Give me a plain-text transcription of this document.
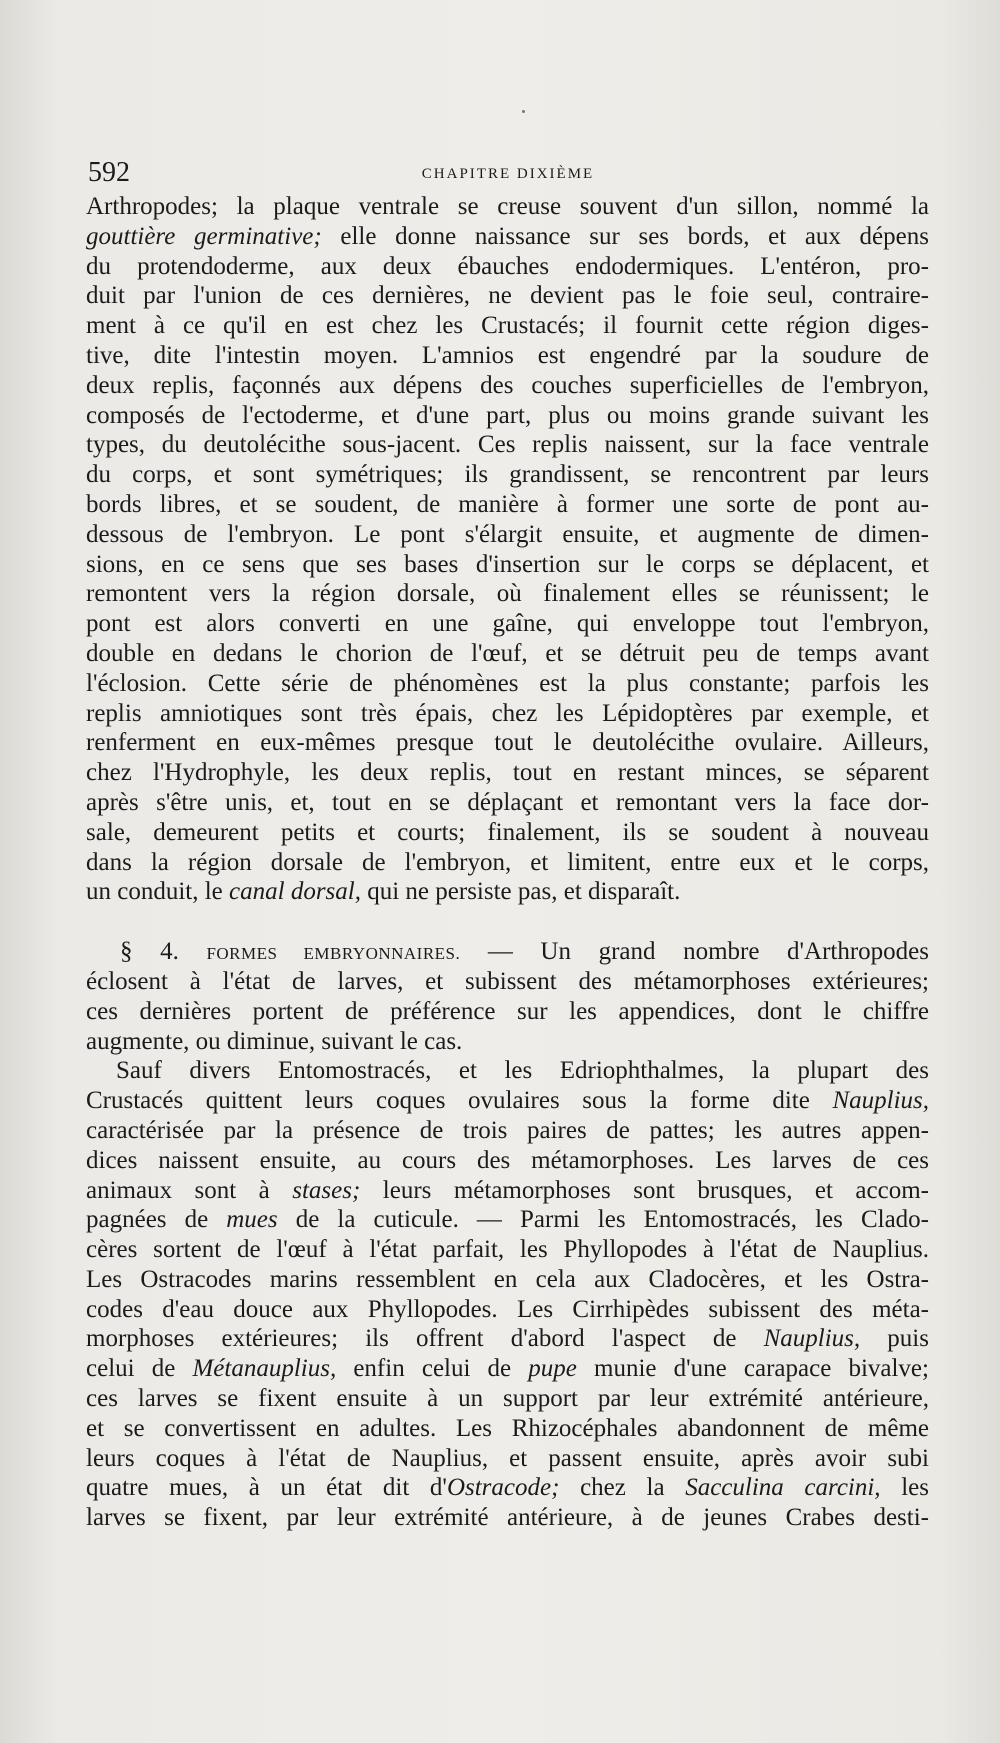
592	CHAPITRE DIXIÈME
Arthropodes; la plaque ventrale se creuse souvent d'un sillon, nommé la
gouttière germinative; elle donne naissance sur ses bords, et aux dépens
du protendoderme, aux deux ébauches endodermiques. L'entéron, pro-
duit par l'union de ces dernières, ne devient pas le foie seul, contraire-
ment à ce qu'il en est chez les Crustacés; il fournit cette région diges-
tive, dite l'intestin moyen. L'amnios est engendré par la soudure de
deux replis, façonnés aux dépens des couches superficielles de l'embryon,
composés de l'ectoderme, et d'une part, plus ou moins grande suivant les
types, du deutolécithe sous-jacent. Ces replis naissent, sur la face ventrale
du corps, et sont symétriques; ils grandissent, se rencontrent par leurs
bords libres, et se soudent, de manière à former une sorte de pont au-
dessous de l'embryon. Le pont s'élargit ensuite, et augmente de dimen-
sions, en ce sens que ses bases d'insertion sur le corps se déplacent, et
remontent vers la région dorsale, où finalement elles se réunissent; le
pont est alors converti en une gaîne, qui enveloppe tout l'embryon,
double en dedans le chorion de l'œuf, et se détruit peu de temps avant
l'éclosion. Cette série de phénomènes est la plus constante; parfois les
replis amniotiques sont très épais, chez les Lépidoptères par exemple, et
renferment en eux-mêmes presque tout le deutolécithe ovulaire. Ailleurs,
chez l'Hydrophyle, les deux replis, tout en restant minces, se séparent
après s'être unis, et, tout en se déplaçant et remontant vers la face dor-
sale, demeurent petits et courts; finalement, ils se soudent à nouveau
dans la région dorsale de l'embryon, et limitent, entre eux et le corps,
un conduit, le canal dorsal, qui ne persiste pas, et disparaît.
§ 4. FORMES EMBRYONNAIRES. — Un grand nombre d'Arthropodes
éclosent à l'état de larves, et subissent des métamorphoses extérieures;
ces dernières portent de préférence sur les appendices, dont le chiffre
augmente, ou diminue, suivant le cas.
Sauf divers Entomostracés, et les Edriophthalmes, la plupart des
Crustacés quittent leurs coques ovulaires sous la forme dite Nauplius,
caractérisée par la présence de trois paires de pattes; les autres appen-
dices naissent ensuite, au cours des métamorphoses. Les larves de ces
animaux sont à stases; leurs métamorphoses sont brusques, et accom-
pagnées de mues de la cuticule. — Parmi les Entomostracés, les Clado-
cères sortent de l'œuf à l'état parfait, les Phyllopodes à l'état de Nauplius.
Les Ostracodes marins ressemblent en cela aux Cladocères, et les Ostra-
codes d'eau douce aux Phyllopodes. Les Cirrhipèdes subissent des méta-
morphoses extérieures; ils offrent d'abord l'aspect de Nauplius, puis
celui de Métanauplius, enfin celui de pupe munie d'une carapace bivalve;
ces larves se fixent ensuite à un support par leur extrémité antérieure,
et se convertissent en adultes. Les Rhizocéphales abandonnent de même
leurs coques à l'état de Nauplius, et passent ensuite, après avoir subi
quatre mues, à un état dit d'Ostracode; chez la Sacculina carcini, les
larves se fixent, par leur extrémité antérieure, à de jeunes Crabes desti-
